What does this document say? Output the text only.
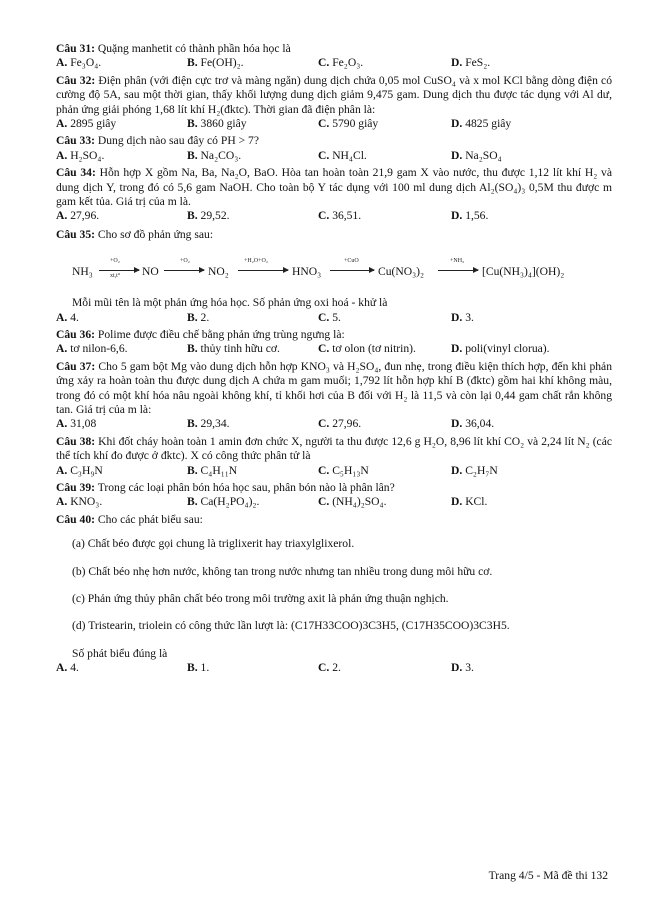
Câu 31: Quặng manhetit có thành phần hóa học là

A. Fe₃O₄.	B. Fe(OH)₂.	C. Fe₂O₃.	D. FeS₂.

Câu 32: Điện phân (với điện cực trơ và màng ngăn) dung dịch chứa 0,05 mol CuSO₄ và x mol KCl bằng dòng điện có cường độ 5A, sau một thời gian, thấy khối lượng dung dịch giảm 9,475 gam. Dung dịch thu được tác dụng với Al dư, phản ứng giải phóng 1,68 lít khí H₂(đktc). Thời gian đã điện phân là:

A. 2895 giây	B. 3860 giây	C. 5790 giây	D. 4825 giây

Câu 33: Dung dịch nào sau đây có PH > 7?

A. H₂SO₄.	B. Na₂CO₃.	C. NH₄Cl.	D. Na₂SO₄

Câu 34: Hỗn hợp X gồm Na, Ba, Na₂O, BaO. Hòa tan hoàn toàn 21,9 gam X vào nước, thu được 1,12 lít khí H₂ và dung dịch Y, trong đó có 5,6 gam NaOH. Cho toàn bộ Y tác dụng với 100 ml dung dịch Al₂(SO₄)₃ 0,5M thu được m gam kết tủa. Giá trị của m là.

A. 27,96.	B. 29,52.	C. 36,51.	D. 1,56.

Câu 35: Cho sơ đồ phản ứng sau:

NH₃
+O₂
xt,t° NO
+O₂
→ NO₂
+H₂O+O₂
HNO₃
+CuO
→ Cu(NO₃)₂
+NH₃
→ [Cu(NH₃)₄](OH)₂

Mỗi mũi tên là một phản ứng hóa học. Số phản ứng oxi hoá - khử là

A. 4.	B. 2.	C. 5.	D. 3.

Câu 36: Polime được điều chế bằng phản ứng trùng ngưng là:

A. tơ nilon-6,6.	B. thủy tinh hữu cơ.	C. tơ olon (tơ nitrin).	D. poli(vinyl clorua).

Câu 37: Cho 5 gam bột Mg vào dung dịch hỗn hợp KNO₃ và H₂SO₄, đun nhẹ, trong điều kiện thích hợp, đến khi phản ứng xảy ra hoàn toàn thu được dung dịch A chứa m gam muối; 1,792 lít hỗn hợp khí B (đktc) gồm hai khí không màu, trong đó có một khí hóa nâu ngoài không khí, tỉ khối hơi của B đối với H₂ là 11,5 và còn lại 0,44 gam chất rắn không tan. Giá trị của m là:

A. 31,08	B. 29,34.	C. 27,96.	D. 36,04.

Câu 38: Khi đốt cháy hoàn toàn 1 amin đơn chức X, người ta thu được 12,6 g H₂O, 8,96 lít khí CO₂ và 2,24 lít N₂ (các thể tích khí đo được ở đktc). X có công thức phân tử là

A. C₃H₉N	B. C₄H₁₁N	C. C₅H₁₃N	D. C₂H₇N

Câu 39: Trong các loại phân bón hóa học sau, phân bón nào là phân lân?

A. KNO₃.	B. Ca(H₂PO₄)₂.	C. (NH₄)₂SO₄.	D. KCl.

Câu 40: Cho các phát biểu sau:

(a) Chất béo được gọi chung là triglixerit hay triaxylglixerol.

(b) Chất béo nhẹ hơn nước, không tan trong nước nhưng tan nhiều trong dung môi hữu cơ.

(c) Phản ứng thủy phân chất béo trong môi trường axit là phản ứng thuận nghịch.

(d) Tristearin, triolein có công thức lần lượt là: (C17H33COO)3C3H5, (C17H35COO)3C3H5.

Số phát biểu đúng là

A. 4.	B. 1.	C. 2.	D. 3.
Trang 4/5 - Mã đề thi 132
